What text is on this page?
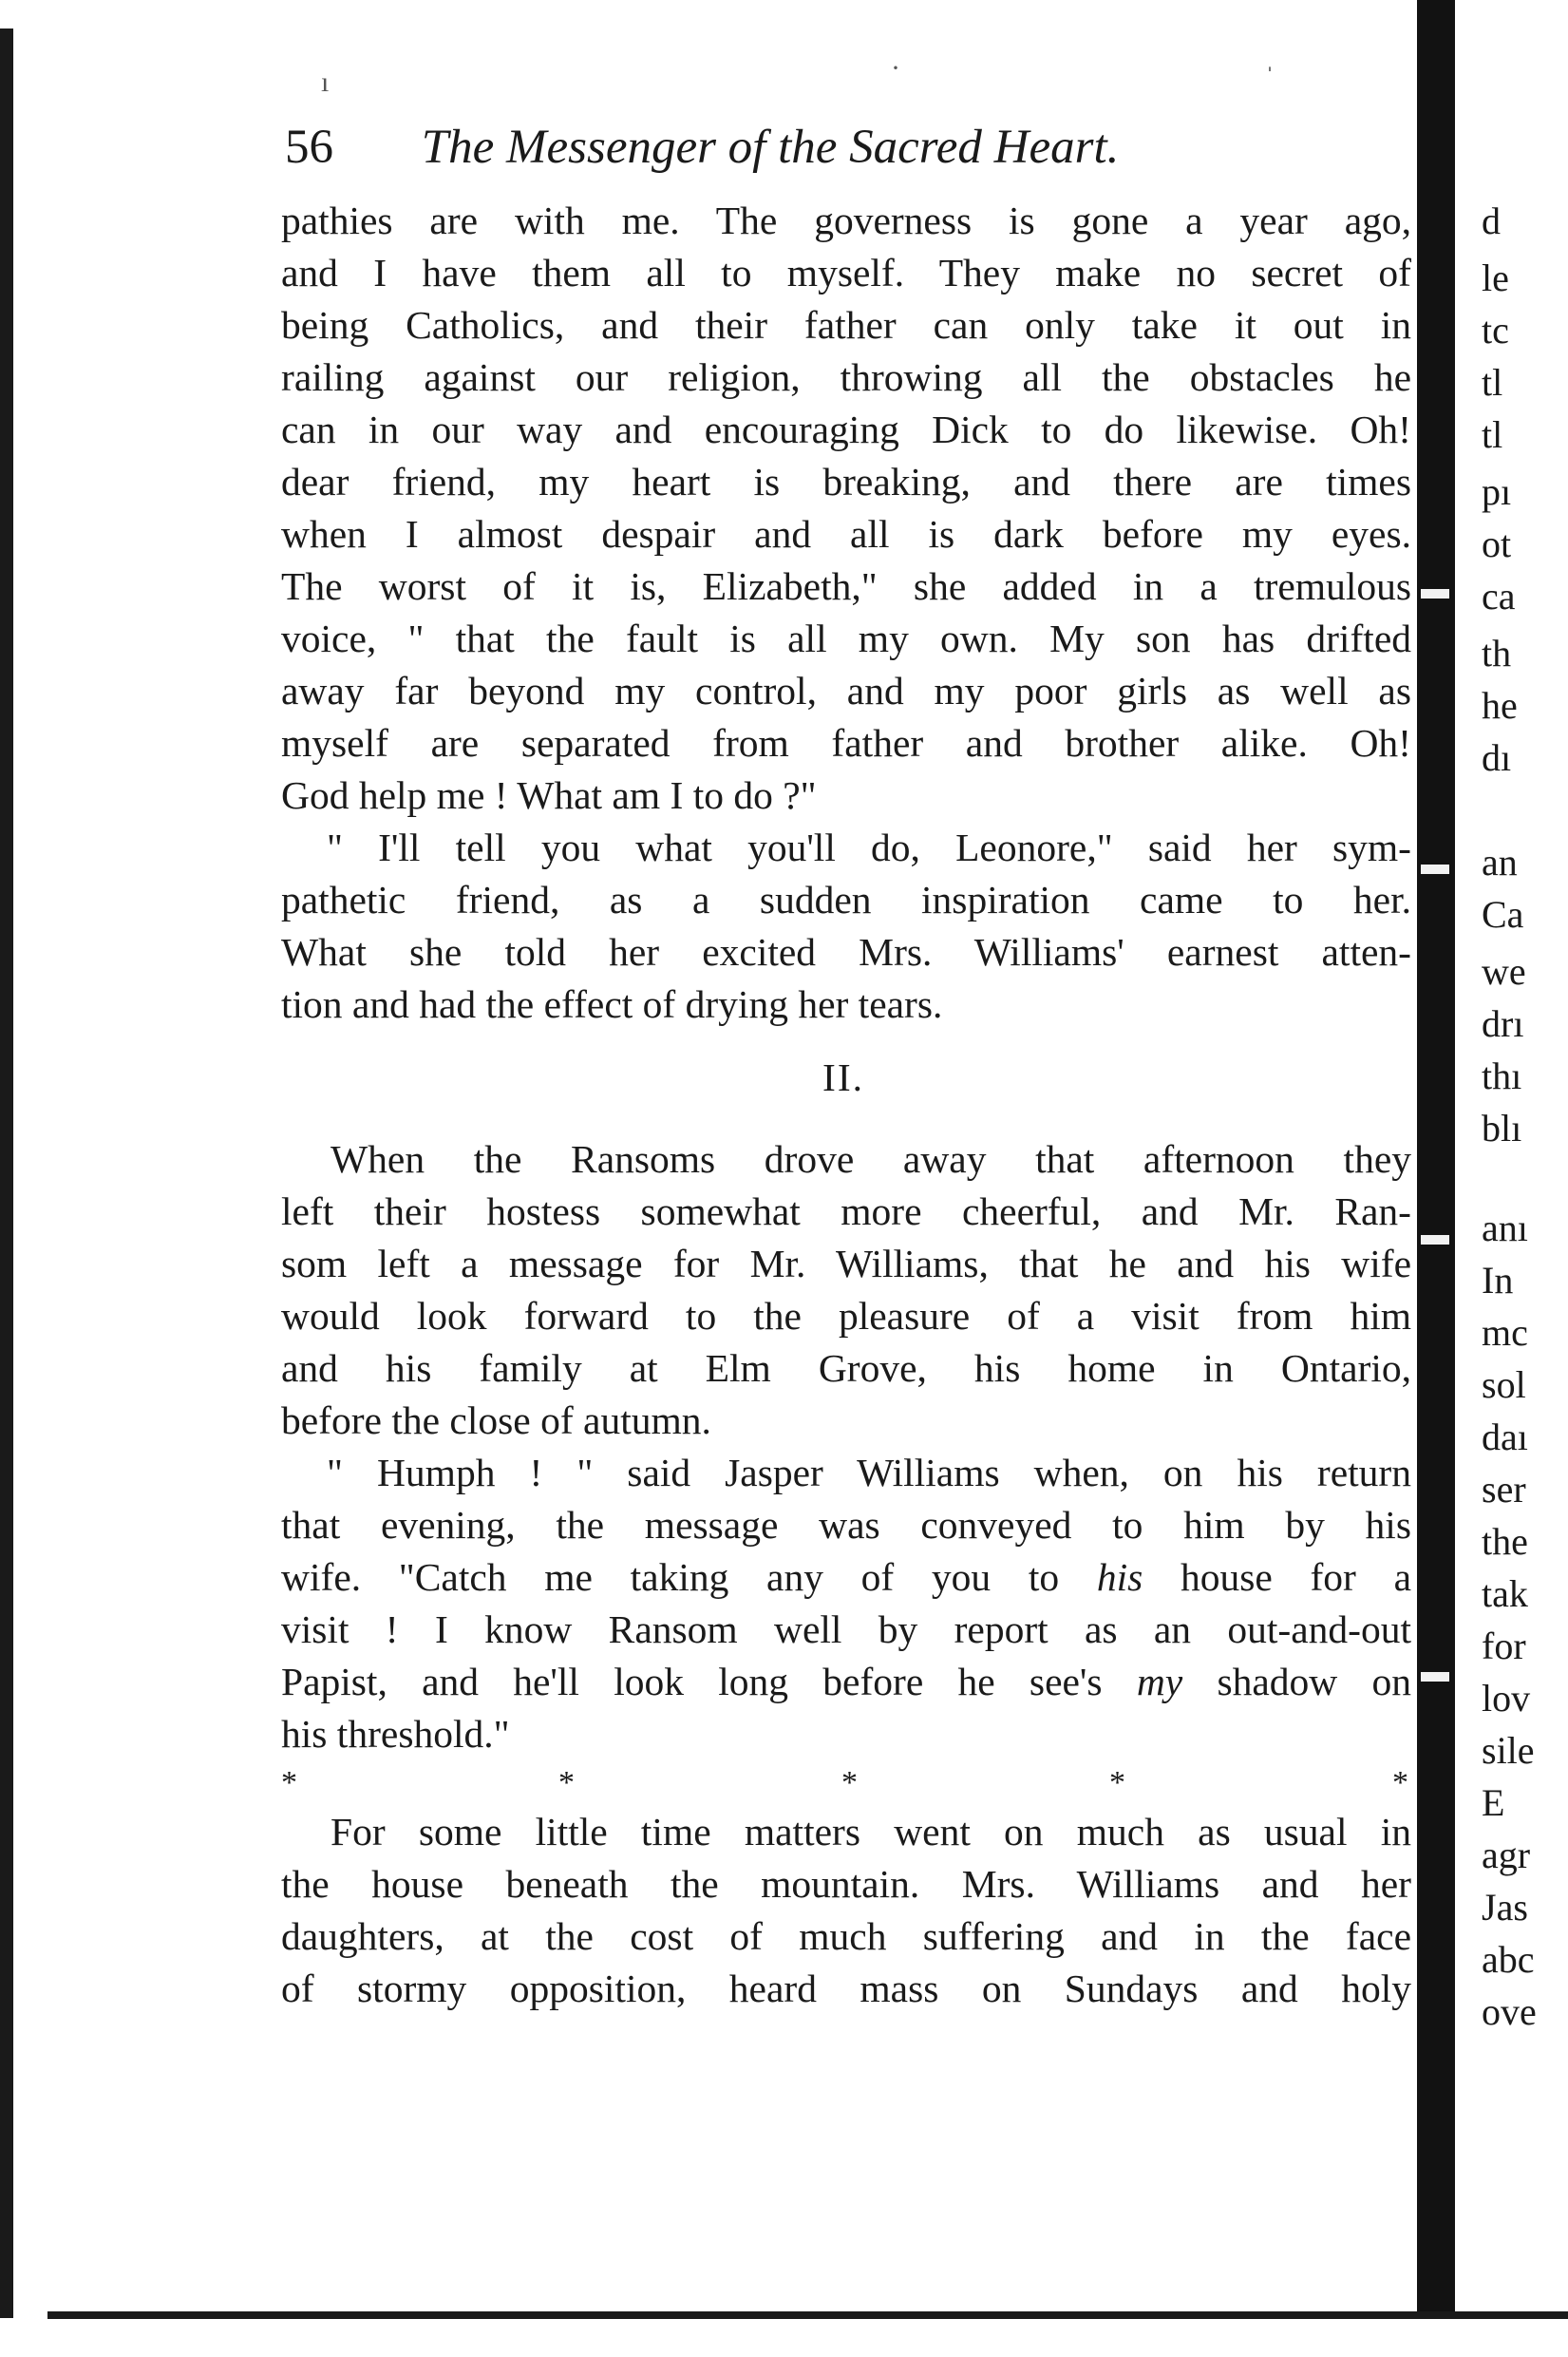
ı	·	ˈ
56 The Messenger of the Sacred Heart.
pathies are with me. The governess is gone a year ago,
and I have them all to myself. They make no secret of
being Catholics, and their father can only take it out in
railing against our religion, throwing all the obstacles he
can in our way and encouraging Dick to do likewise. Oh!
dear friend, my heart is breaking, and there are times
when I almost despair and all is dark before my eyes.
The worst of it is, Elizabeth," she added in a tremulous
voice, " that the fault is all my own. My son has drifted
away far beyond my control, and my poor girls as well as
myself are separated from father and brother alike. Oh!
God help me ! What am I to do ?"
" I'll tell you what you'll do, Leonore," said her sym-
pathetic friend, as a sudden inspiration came to her.
What she told her excited Mrs. Williams' earnest atten-
tion and had the effect of drying her tears.
II.
When the Ransoms drove away that afternoon they
left their hostess somewhat more cheerful, and Mr. Ran-
som left a message for Mr. Williams, that he and his wife
would look forward to the pleasure of a visit from him
and his family at Elm Grove, his home in Ontario,
before the close of autumn.
" Humph ! " said Jasper Williams when, on his return
that evening, the message was conveyed to him by his
wife. "Catch me taking any of you to his house for a
visit ! I know Ransom well by report as an out-and-out
Papist, and he'll look long before he see's my shadow on
his threshold."
*	*	*	*	*
For some little time matters went on much as usual in
the house beneath the mountain. Mrs. Williams and her
daughters, at the cost of much suffering and in the face
of stormy opposition, heard mass on Sundays and holy
d
le
tc
tl
tl
pı
ot
ca
th
he
dı
an
Ca
we
drı
thı
blı
anı
In
mc
sol
daı
ser
the
tak
for
lov
sile
E
agr
Jas
abc
ove
